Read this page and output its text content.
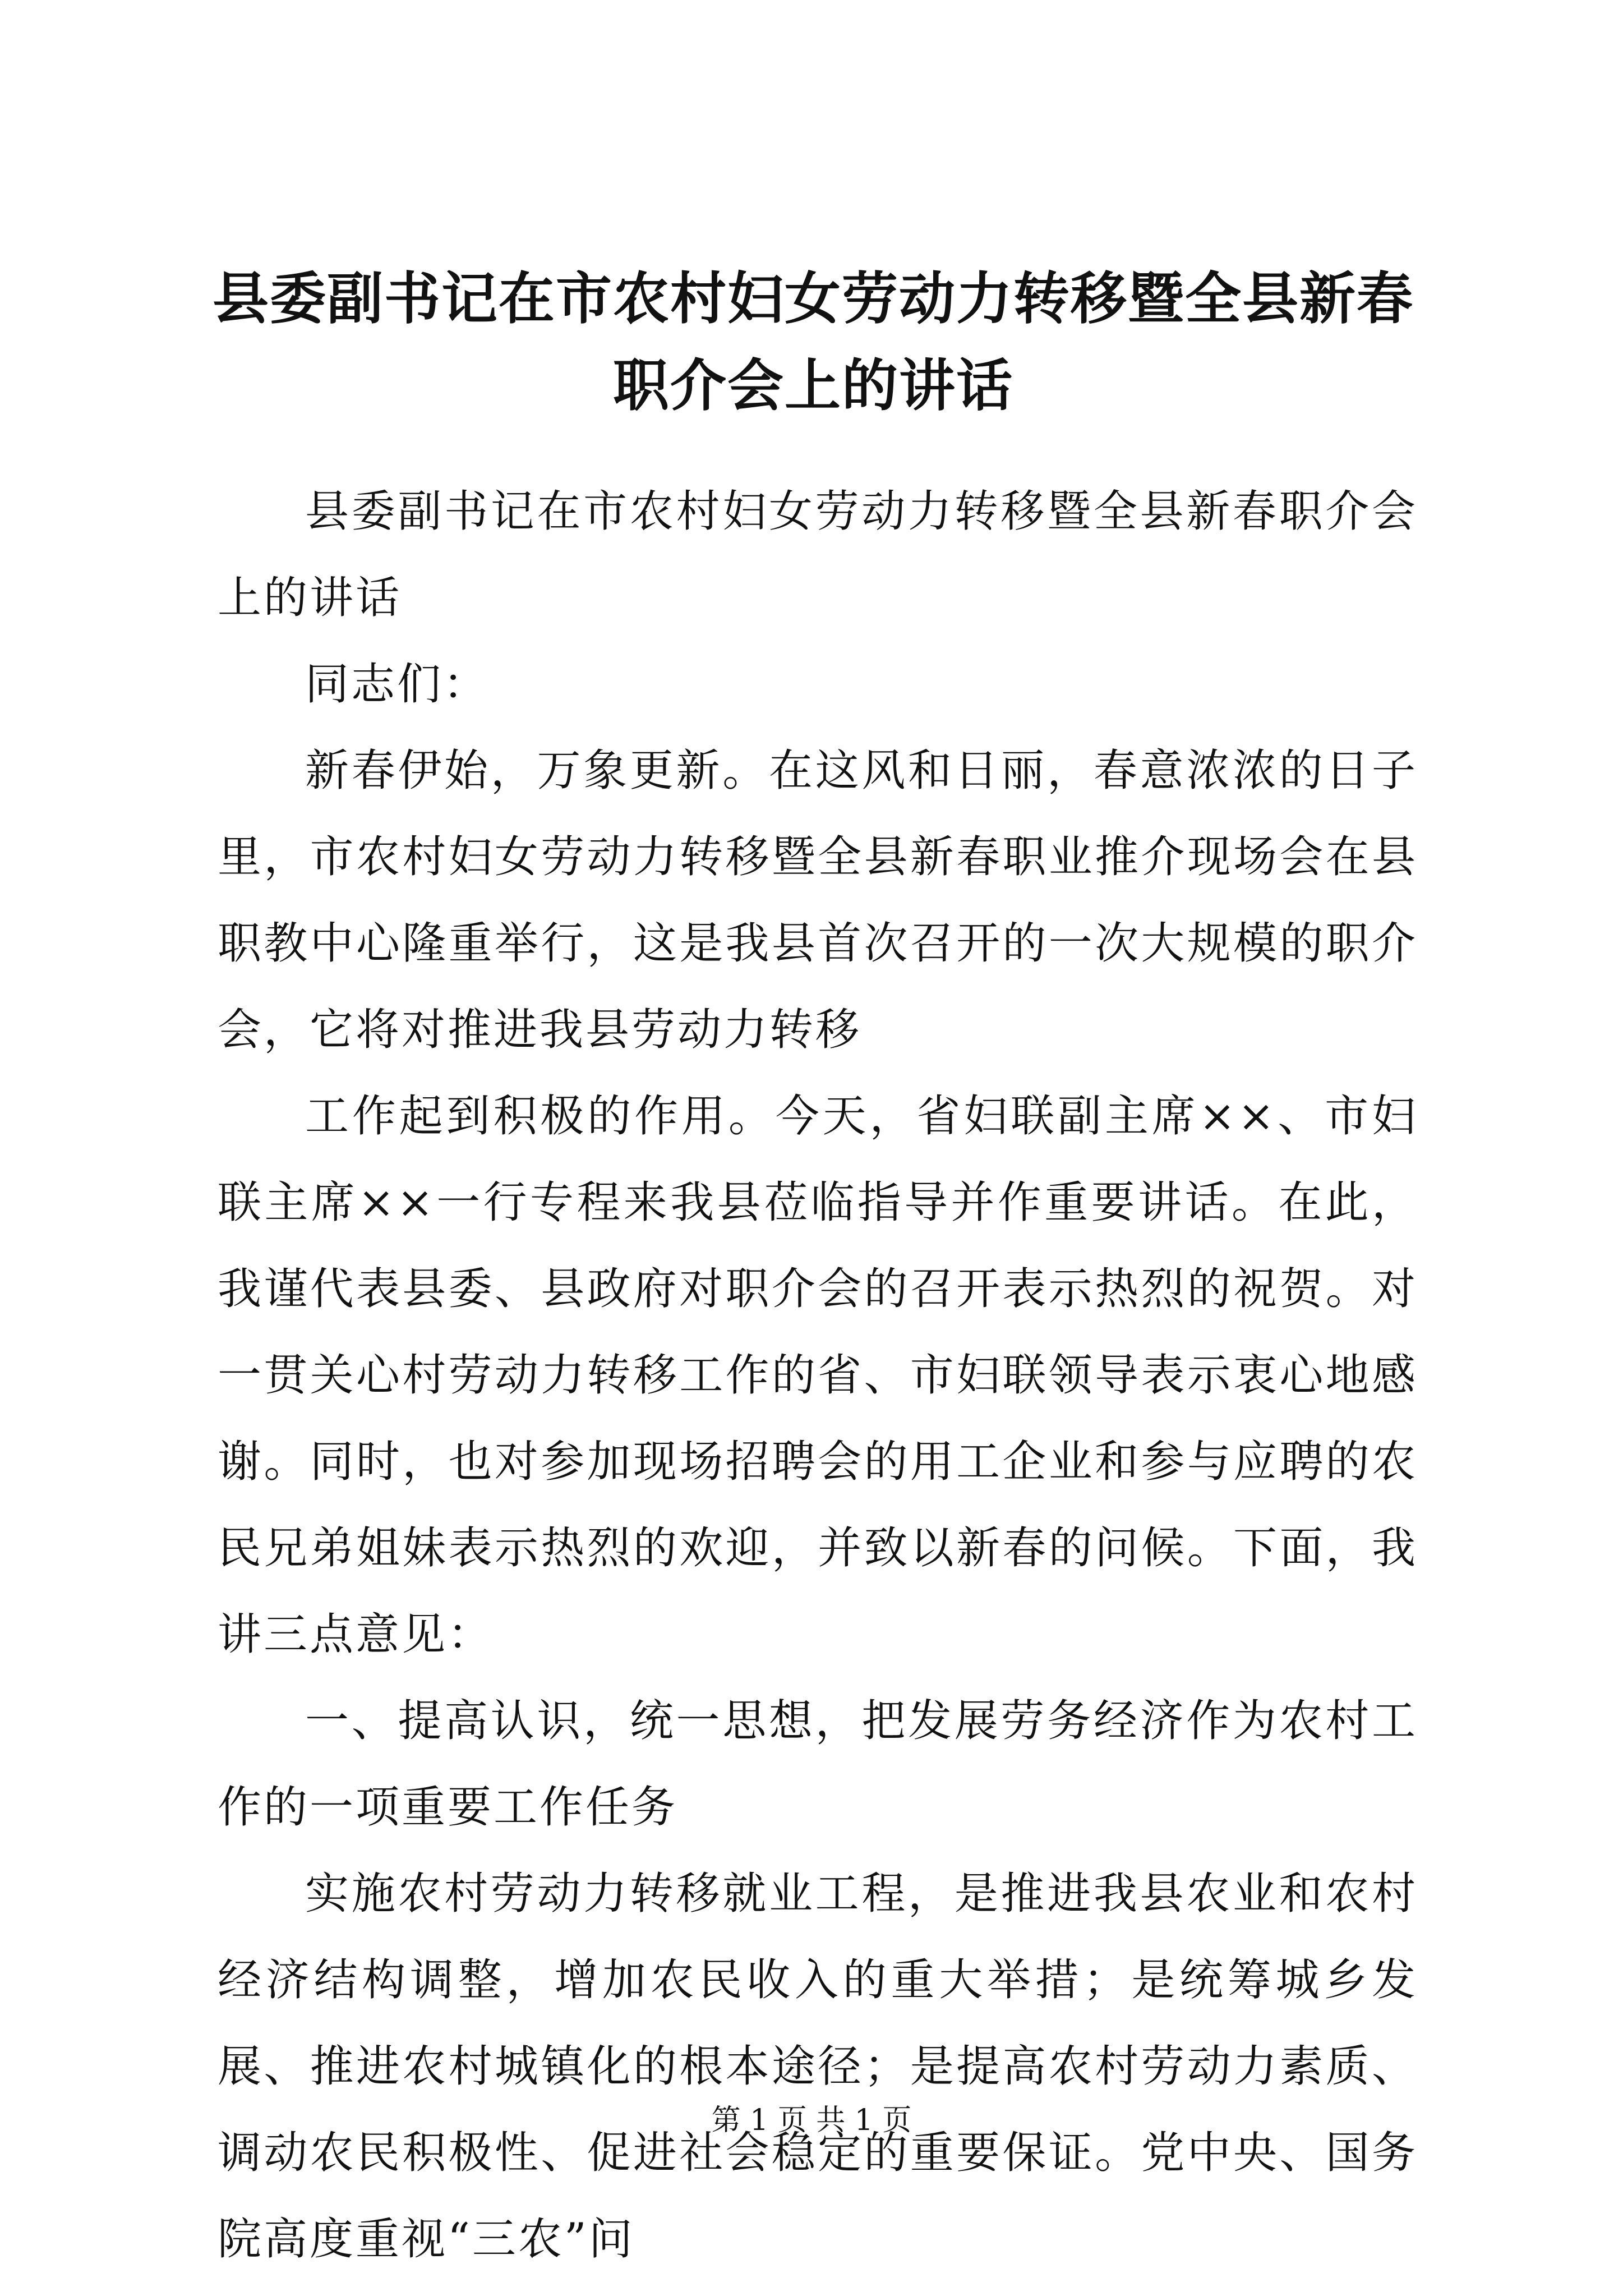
县委副书记在市农村妇女劳动力转移暨全县新春职介会上的讲话

县委副书记在市农村妇女劳动力转移暨全县新春职介会上的讲话

同志们：

新春伊始，万象更新。在这风和日丽，春意浓浓的日子里，市农村妇女劳动力转移暨全县新春职业推介现场会在县职教中心隆重举行，这是我县首次召开的一次大规模的职介会，它将对推进我县劳动力转移

工作起到积极的作用。今天，省妇联副主席××、市妇联主席××一行专程来我县莅临指导并作重要讲话。在此，我谨代表县委、县政府对职介会的召开表示热烈的祝贺。对一贯关心村劳动力转移工作的省、市妇联领导表示衷心地感谢。同时，也对参加现场招聘会的用工企业和参与应聘的农民兄弟姐妹表示热烈的欢迎，并致以新春的问候。下面，我讲三点意见：

一、提高认识，统一思想，把发展劳务经济作为农村工作的一项重要工作任务

实施农村劳动力转移就业工程，是推进我县农业和农村经济结构调整，增加农民收入的重大举措；是统筹城乡发展、推进农村城镇化的根本途径；是提高农村劳动力素质、调动农民积极性、促进社会稳定的重要保证。党中央、国务院高度重视“三农”问

第 1 页 共 1 页
